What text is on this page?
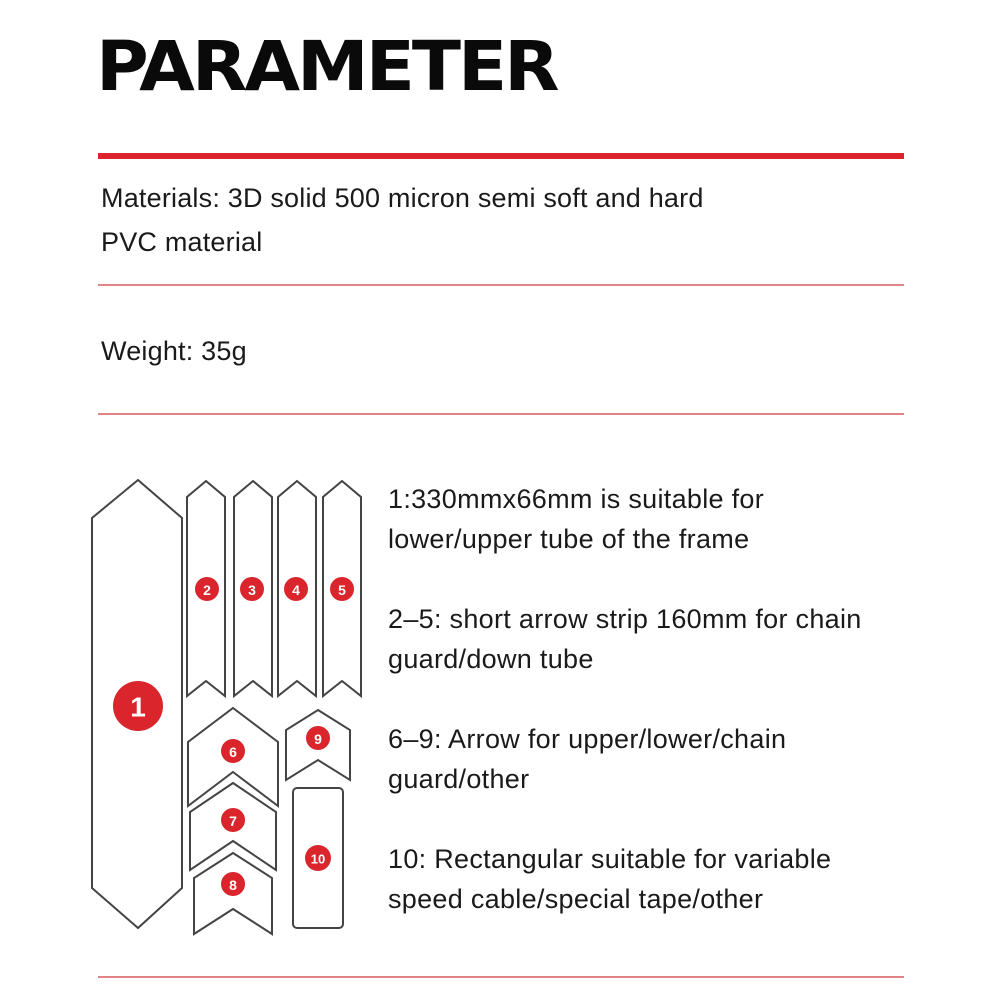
PARAMETER
Materials: 3D solid 500 micron semi soft and hard
PVC material
Weight: 35g
1
2	3	4	5
6
7
8
9
10
1:330mmx66mm is suitable for
lower/upper tube of the frame
2–5: short arrow strip 160mm for chain
guard/down tube
6–9: Arrow for upper/lower/chain
guard/other
10: Rectangular suitable for variable
speed cable/special tape/other
